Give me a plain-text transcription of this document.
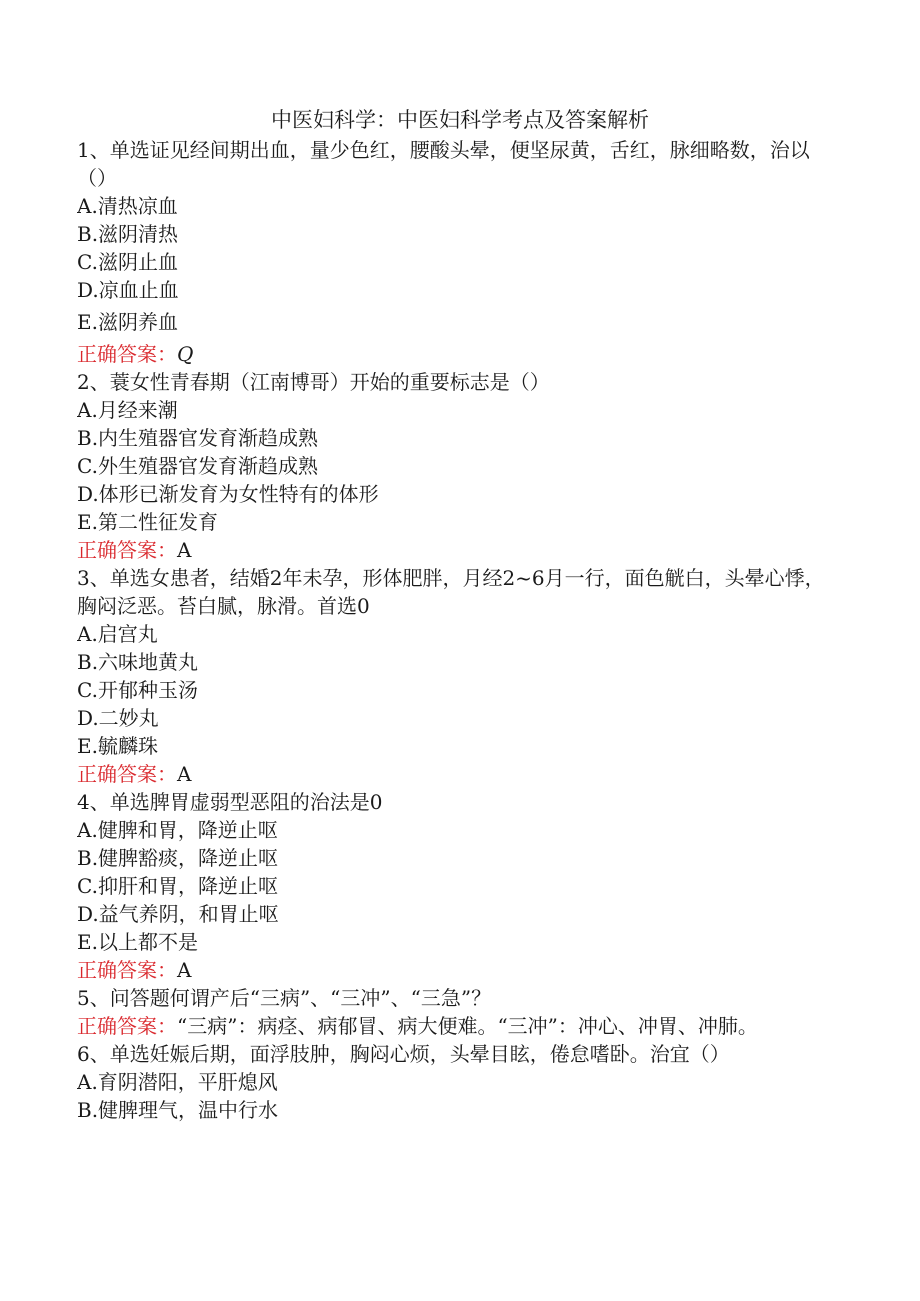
中医妇科学：中医妇科学考点及答案解析
1、单选证见经间期出血，量少色红，腰酸头晕，便坚尿黄，舌红，脉细略数，治以（）
A.清热凉血
B.滋阴清热
C.滋阴止血
D.凉血止血
E.滋阴养血
正确答案：Q
2、蓑女性青春期（江南博哥）开始的重要标志是（）
A.月经来潮
B.内生殖器官发育渐趋成熟
C.外生殖器官发育渐趋成熟
D.体形已渐发育为女性特有的体形
E.第二性征发育
正确答案：A
3、单选女患者，结婚2年未孕，形体肥胖，月经2~6月一行，面色觥白，头晕心悸，胸闷泛恶。苔白腻，脉滑。首选0
A.启宫丸
B.六味地黄丸
C.开郁种玉汤
D.二妙丸
E.毓麟珠
正确答案：A
4、单选脾胃虚弱型恶阻的治法是0
A.健脾和胃，降逆止呕
B.健脾豁痰，降逆止呕
C.抑肝和胃，降逆止呕
D.益气养阴，和胃止呕
E.以上都不是
正确答案：A
5、问答题何谓产后“三病”、“三冲”、“三急”？
正确答案：“三病”：病痉、病郁冒、病大便难。“三冲”：冲心、冲胃、冲肺。
6、单选妊娠后期，面浮肢肿，胸闷心烦，头晕目眩，倦怠嗜卧。治宜（）
A.育阴潜阳，平肝熄风
B.健脾理气，温中行水
